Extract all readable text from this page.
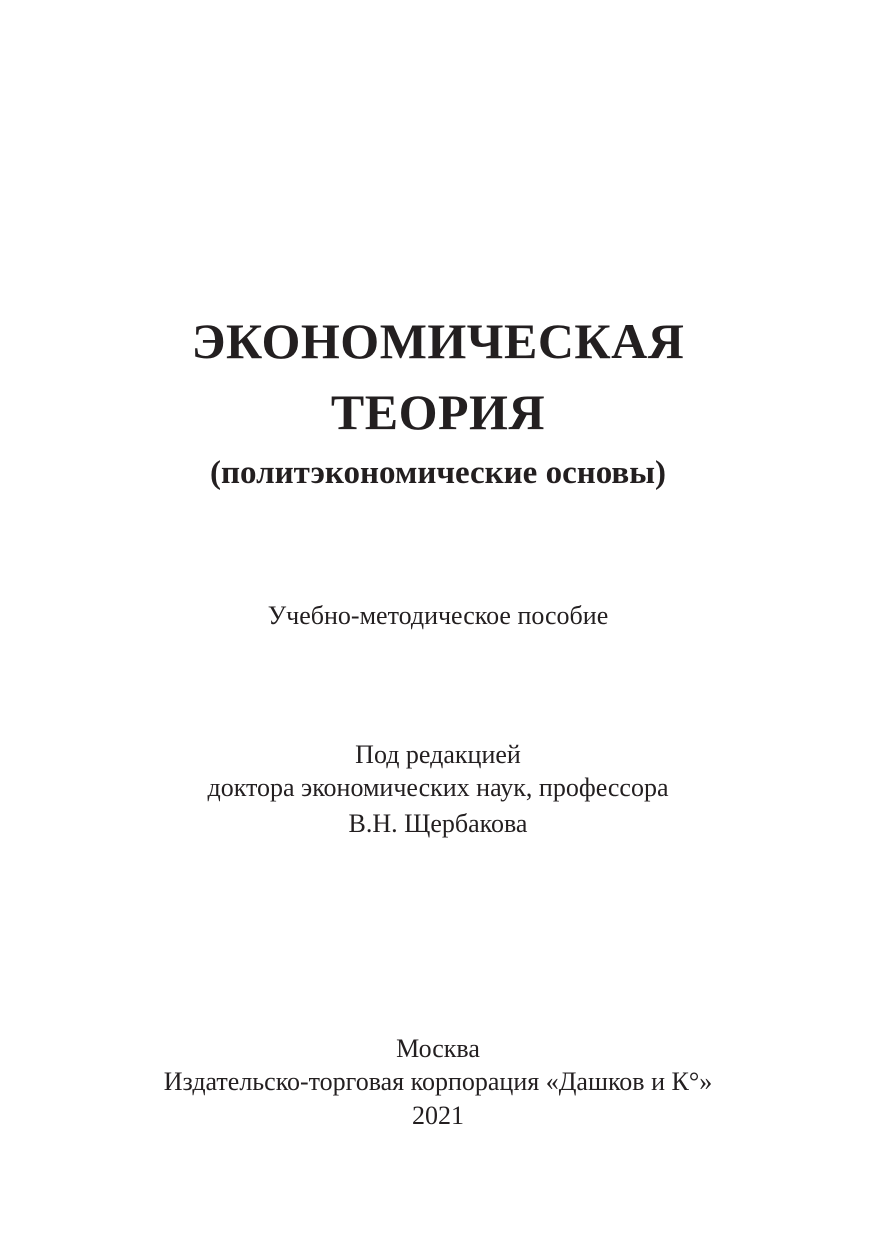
ЭКОНОМИЧЕСКАЯ
ТЕОРИЯ
(политэкономические основы)
Учебно-методическое пособие
Под редакцией
доктора экономических наук, профессора
В.Н. Щербакова
Москва
Издательско-торговая корпорация «Дашков и К°»
2021
